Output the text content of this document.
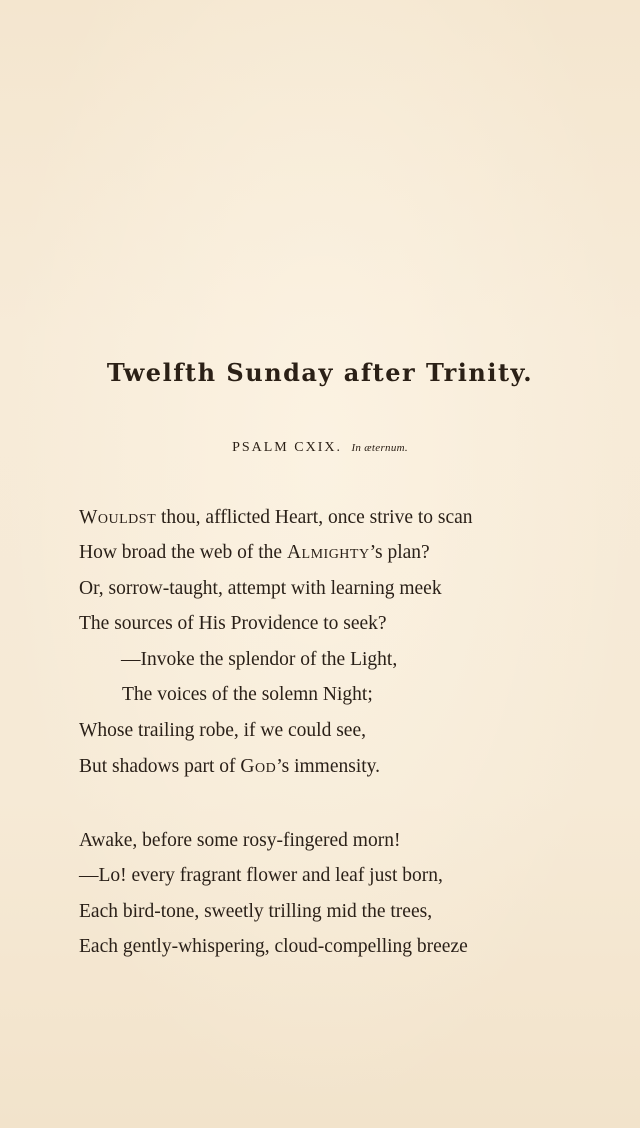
Twelfth Sunday after Trinity.
PSALM CXIX. In æternum.
Wouldst thou, afflicted Heart, once strive to scan
How broad the web of the Almighty’s plan?
Or, sorrow-taught, attempt with learning meek
The sources of His Providence to seek?
—Invoke the splendor of the Light,
The voices of the solemn Night;
Whose trailing robe, if we could see,
But shadows part of God’s immensity.
Awake, before some rosy-fingered morn!
—Lo! every fragrant flower and leaf just born,
Each bird-tone, sweetly trilling mid the trees,
Each gently-whispering, cloud-compelling breeze
